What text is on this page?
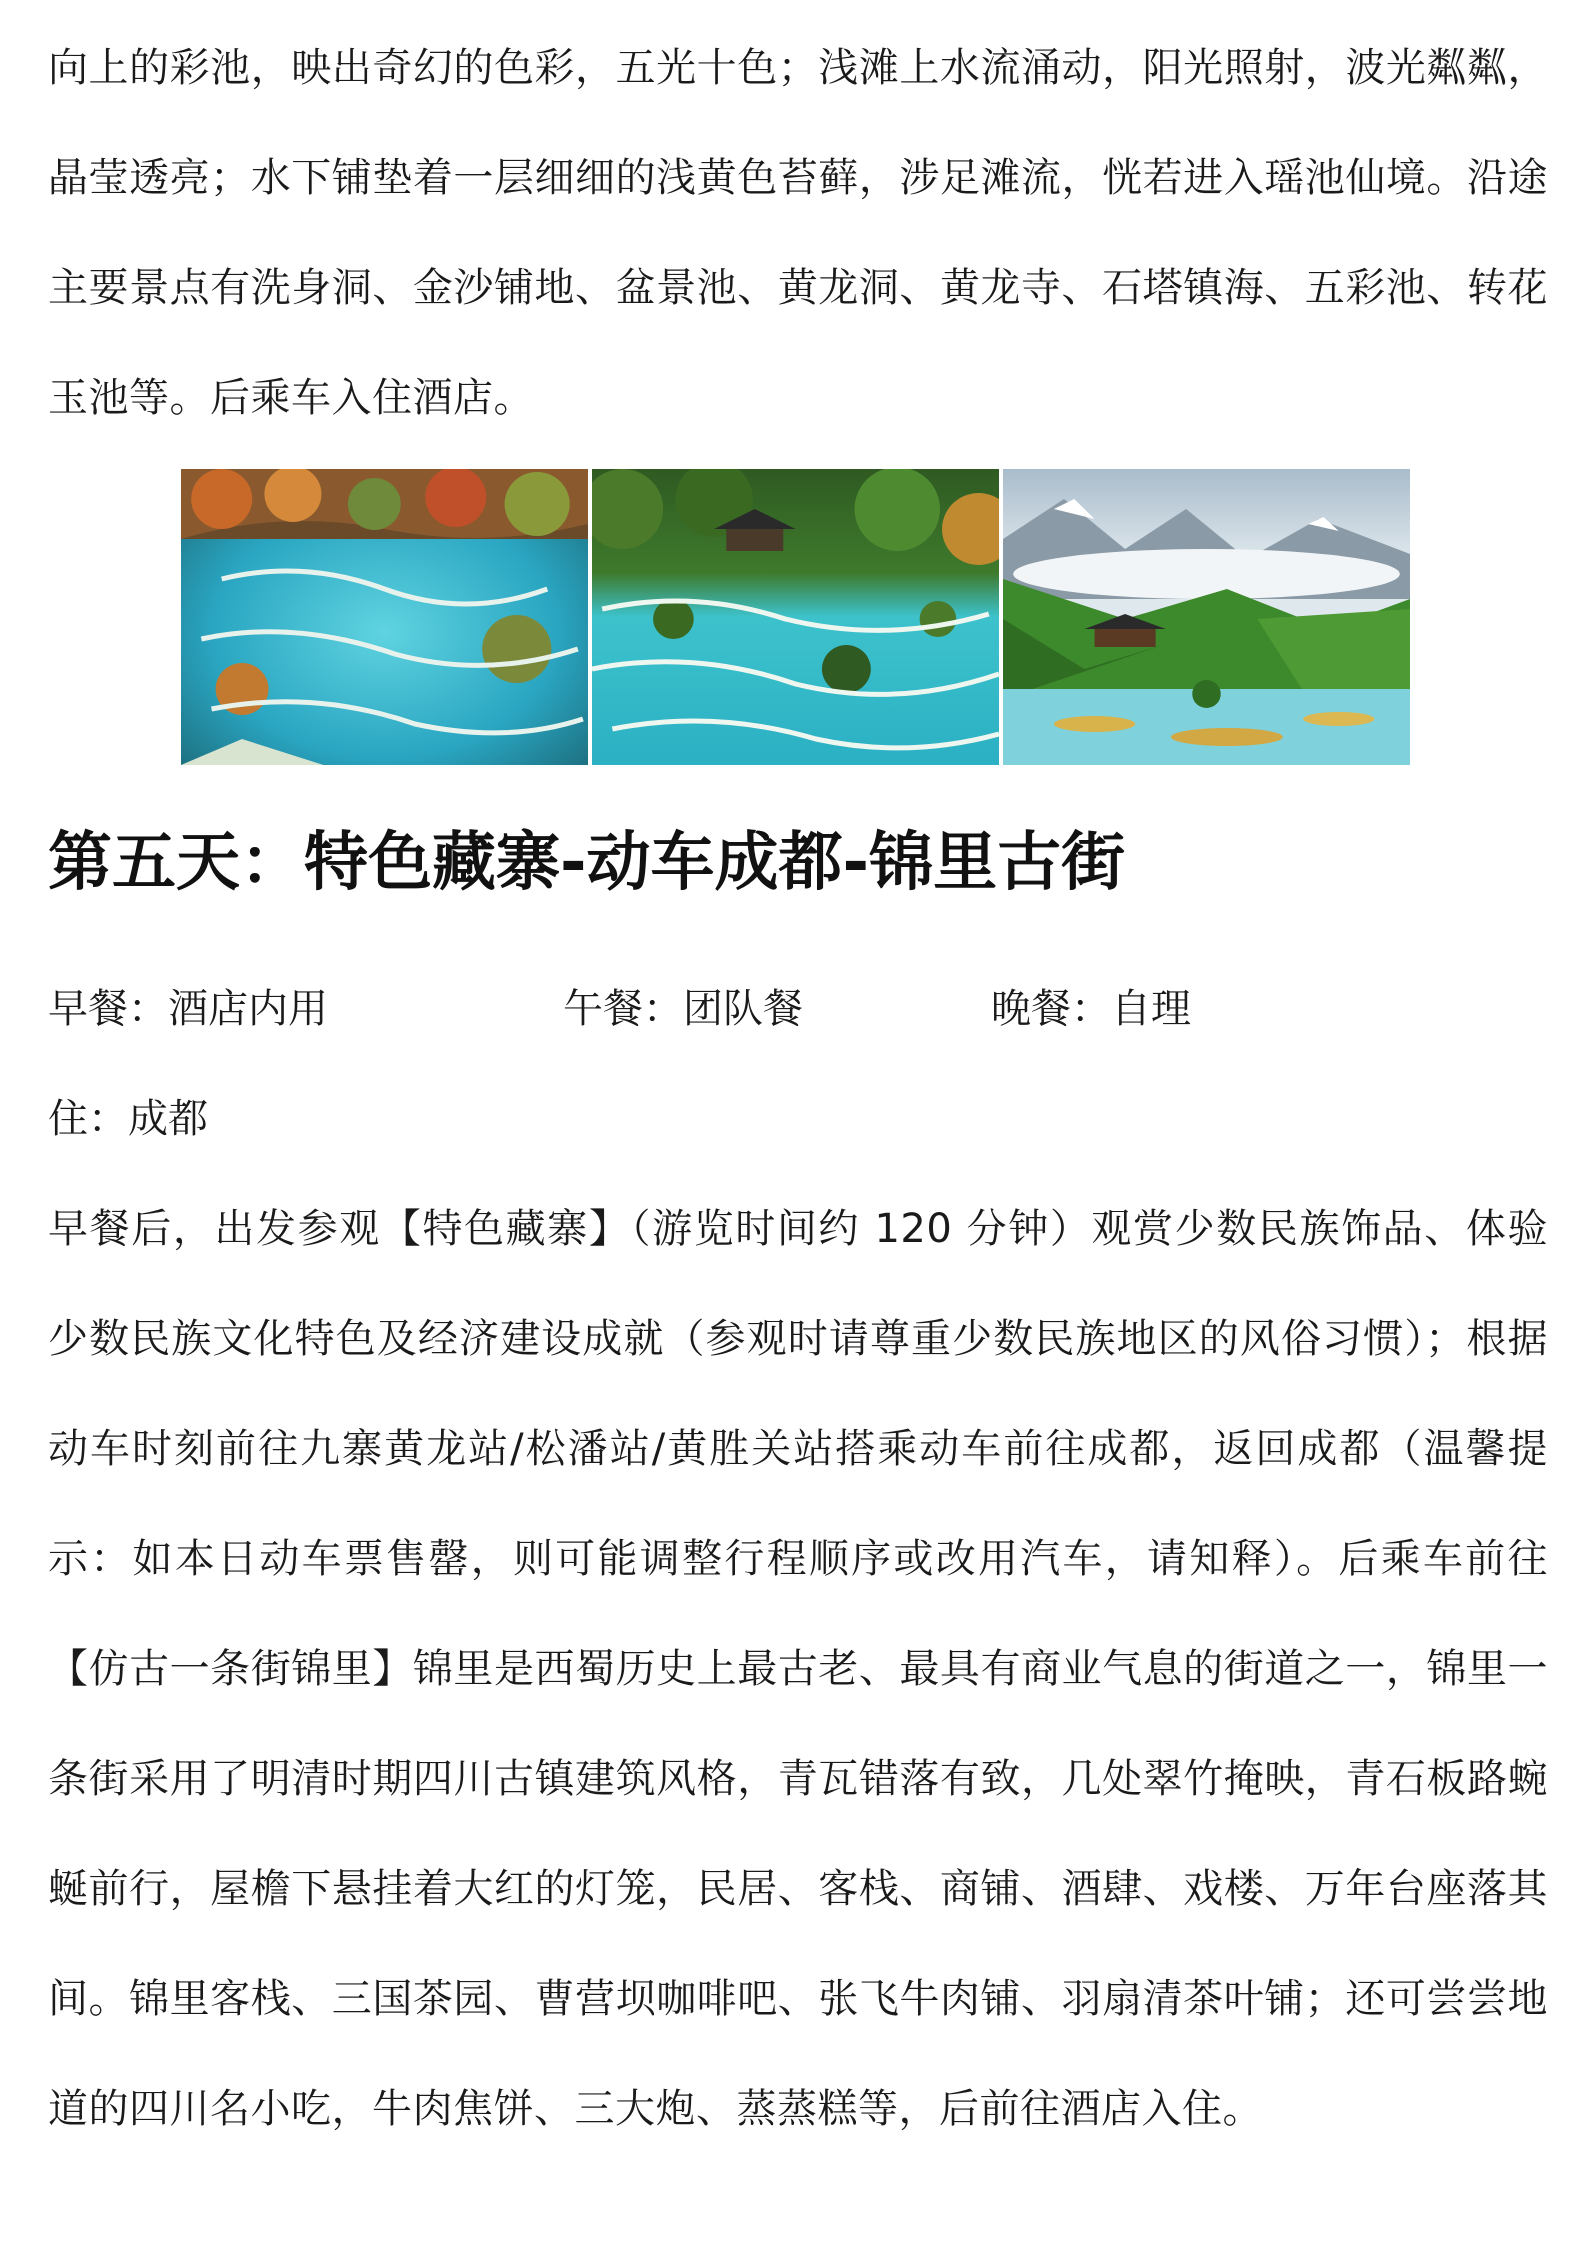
向上的彩池，映出奇幻的色彩，五光十色；浅滩上水流涌动，阳光照射，波光粼粼，晶莹透亮；水下铺垫着一层细细的浅黄色苔藓，涉足滩流，恍若进入瑶池仙境。沿途主要景点有洗身洞、金沙铺地、盆景池、黄龙洞、黄龙寺、石塔镇海、五彩池、转花玉池等。后乘车入住酒店。

第五天：特色藏寨-动车成都-锦里古街
早餐：酒店内用	午餐：团队餐	晚餐：自理
住：成都

早餐后，出发参观【特色藏寨】（游览时间约 120 分钟）观赏少数民族饰品、体验少数民族文化特色及经济建设成就（参观时请尊重少数民族地区的风俗习惯）；根据动车时刻前往九寨黄龙站/松潘站/黄胜关站搭乘动车前往成都，返回成都（温馨提示：如本日动车票售罄，则可能调整行程顺序或改用汽车，请知释）。后乘车前往【仿古一条街锦里】锦里是西蜀历史上最古老、最具有商业气息的街道之一，锦里一条街采用了明清时期四川古镇建筑风格，青瓦错落有致，几处翠竹掩映，青石板路蜿蜒前行，屋檐下悬挂着大红的灯笼，民居、客栈、商铺、酒肆、戏楼、万年台座落其间。锦里客栈、三国茶园、曹营坝咖啡吧、张飞牛肉铺、羽扇清茶叶铺；还可尝尝地道的四川名小吃，牛肉焦饼、三大炮、蒸蒸糕等，后前往酒店入住。
